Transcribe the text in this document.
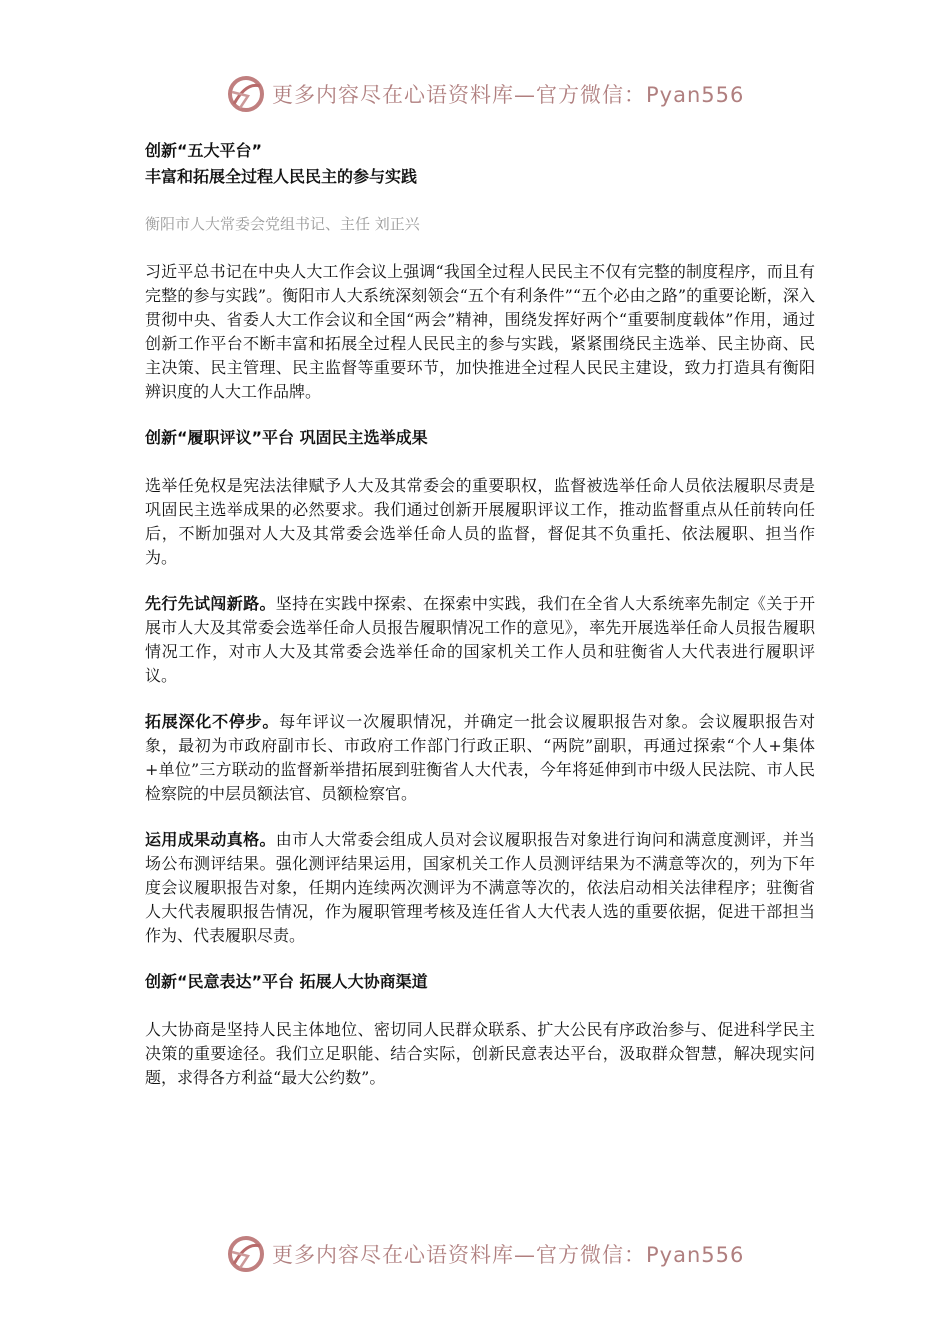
更多内容尽在心语资料库—官方微信：Pyan556
创新“五大平台”
丰富和拓展全过程人民民主的参与实践
衡阳市人大常委会党组书记、主任 刘正兴

习近平总书记在中央人大工作会议上强调“我国全过程人民民主不仅有完整的制度程序，而且有完整的参与实践”。衡阳市人大系统深刻领会“五个有利条件”“五个必由之路”的重要论断，深入贯彻中央、省委人大工作会议和全国“两会”精神，围绕发挥好两个“重要制度载体”作用，通过创新工作平台不断丰富和拓展全过程人民民主的参与实践，紧紧围绕民主选举、民主协商、民主决策、民主管理、民主监督等重要环节，加快推进全过程人民民主建设，致力打造具有衡阳辨识度的人大工作品牌。

创新“履职评议”平台 巩固民主选举成果

选举任免权是宪法法律赋予人大及其常委会的重要职权，监督被选举任命人员依法履职尽责是巩固民主选举成果的必然要求。我们通过创新开展履职评议工作，推动监督重点从任前转向任后，不断加强对人大及其常委会选举任命人员的监督，督促其不负重托、依法履职、担当作为。

先行先试闯新路。坚持在实践中探索、在探索中实践，我们在全省人大系统率先制定《关于开展市人大及其常委会选举任命人员报告履职情况工作的意见》，率先开展选举任命人员报告履职情况工作，对市人大及其常委会选举任命的国家机关工作人员和驻衡省人大代表进行履职评议。

拓展深化不停步。每年评议一次履职情况，并确定一批会议履职报告对象。会议履职报告对象，最初为市政府副市长、市政府工作部门行政正职、“两院”副职，再通过探索“个人+集体+单位”三方联动的监督新举措拓展到驻衡省人大代表，今年将延伸到市中级人民法院、市人民检察院的中层员额法官、员额检察官。

运用成果动真格。由市人大常委会组成人员对会议履职报告对象进行询问和满意度测评，并当场公布测评结果。强化测评结果运用，国家机关工作人员测评结果为不满意等次的，列为下年度会议履职报告对象，任期内连续两次测评为不满意等次的，依法启动相关法律程序；驻衡省人大代表履职报告情况，作为履职管理考核及连任省人大代表人选的重要依据，促进干部担当作为、代表履职尽责。

创新“民意表达”平台 拓展人大协商渠道

人大协商是坚持人民主体地位、密切同人民群众联系、扩大公民有序政治参与、促进科学民主决策的重要途径。我们立足职能、结合实际，创新民意表达平台，汲取群众智慧，解决现实问题，求得各方利益“最大公约数”。

更多内容尽在心语资料库—官方微信：Pyan556
